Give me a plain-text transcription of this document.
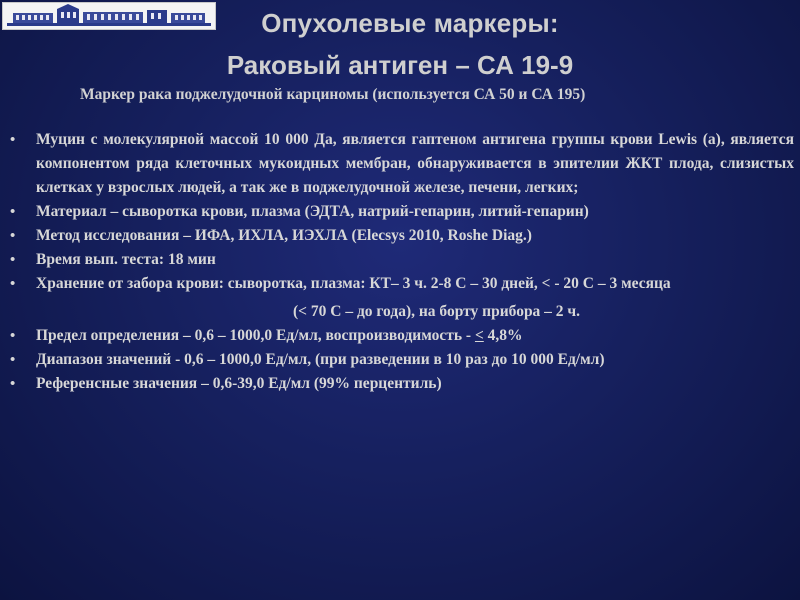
Опухолевые маркеры:
Раковый антиген – СА 19-9
Маркер рака поджелудочной карциномы (используется СА 50 и СА 195)
• Муцин с молекулярной массой 10 000 Да, является гаптеном антигена группы крови Lewis (а), является компонентом ряда клеточных мукоидных мембран, обнаруживается в эпителии ЖКТ плода, слизистых клетках у взрослых людей, а так же в поджелудочной железе, печени, легких;
• Материал – сыворотка крови, плазма (ЭДТА, натрий-гепарин, литий-гепарин)
• Метод исследования – ИФА, ИХЛА, ИЭХЛА (Elecsys 2010, Roshe Diag.)
• Время вып. теста: 18 мин
• Хранение от забора крови: сыворотка, плазма: КТ– 3 ч. 2-8 С – 30 дней, < - 20 С – 3 месяца
(< 70 С – до года), на борту прибора – 2 ч.
• Предел определения – 0,6 – 1000,0 Ед/мл, воспроизводимость - ≤ 4,8%
• Диапазон значений - 0,6 – 1000,0 Ед/мл, (при разведении в 10 раз до 10 000 Ед/мл)
• Референсные значения – 0,6-39,0 Ед/мл (99% перцентиль)
